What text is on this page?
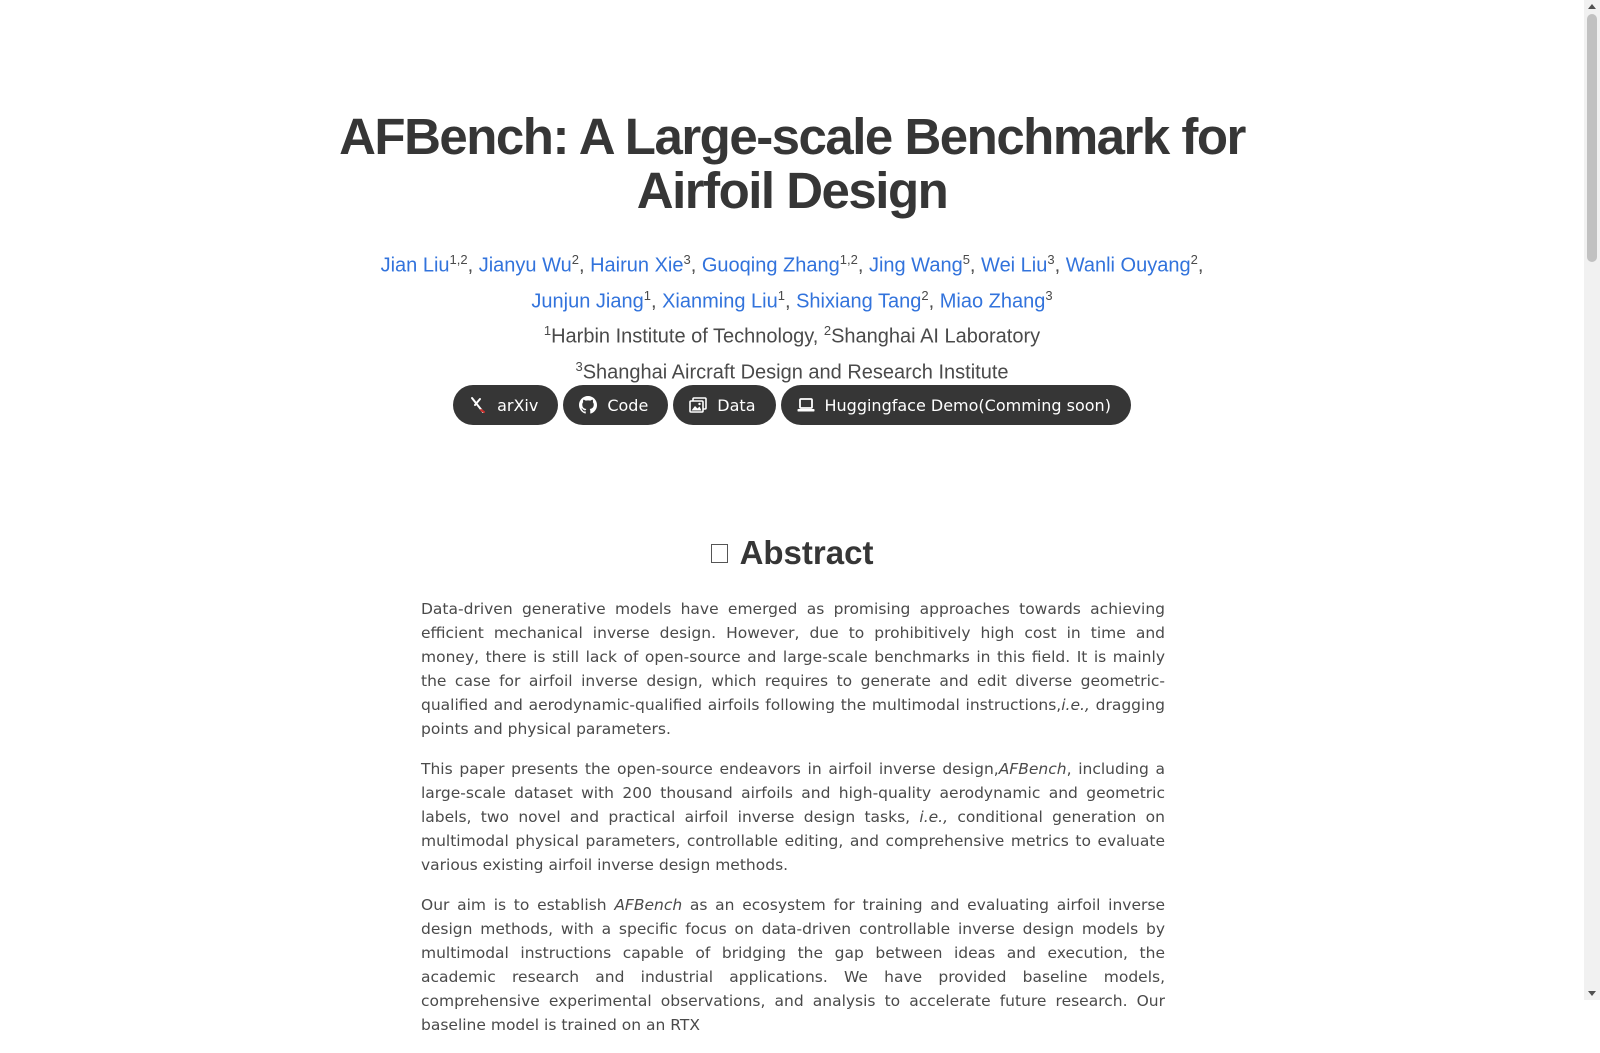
AFBench: A Large-scale Benchmark for
Airfoil Design
Jian Liu$^{1,2}$, Jianyu Wu$^2$, Hairun Xie$^3$, Guoqing Zhang$^{1,2}$, Jing Wang$^5$, Wei Liu$^3$, Wanli Ouyang$^2$,
Junjun Jiang$^1$, Xianming Liu$^1$, Shixiang Tang$^2$, Miao Zhang$^3$
$^1$Harbin Institute of Technology, $^2$Shanghai AI Laboratory
$^3$Shanghai Aircraft Design and Research Institute
arXiv	Code	Data	Huggingface Demo(Comming soon)
Abstract

Data-driven generative models have emerged as promising approaches towards achieving efficient mechanical inverse design. However, due to prohibitively high cost in time and money, there is still lack of open-source and large-scale benchmarks in this field. It is mainly the case for airfoil inverse design, which requires to generate and edit diverse geometric-qualified and aerodynamic-qualified airfoils following the multimodal instructions,i.e., dragging points and physical parameters.

This paper presents the open-source endeavors in airfoil inverse design,AFBench, including a large-scale dataset with 200 thousand airfoils and high-quality aerodynamic and geometric labels, two novel and practical airfoil inverse design tasks, i.e., conditional generation on multimodal physical parameters, controllable editing, and comprehensive metrics to evaluate various existing airfoil inverse design methods.

Our aim is to establish AFBench as an ecosystem for training and evaluating airfoil inverse design methods, with a specific focus on data-driven controllable inverse design models by multimodal instructions capable of bridging the gap between ideas and execution, the academic research and industrial applications. We have provided baseline models, comprehensive experimental observations, and analysis to accelerate future research. Our baseline model is trained on an RTX
